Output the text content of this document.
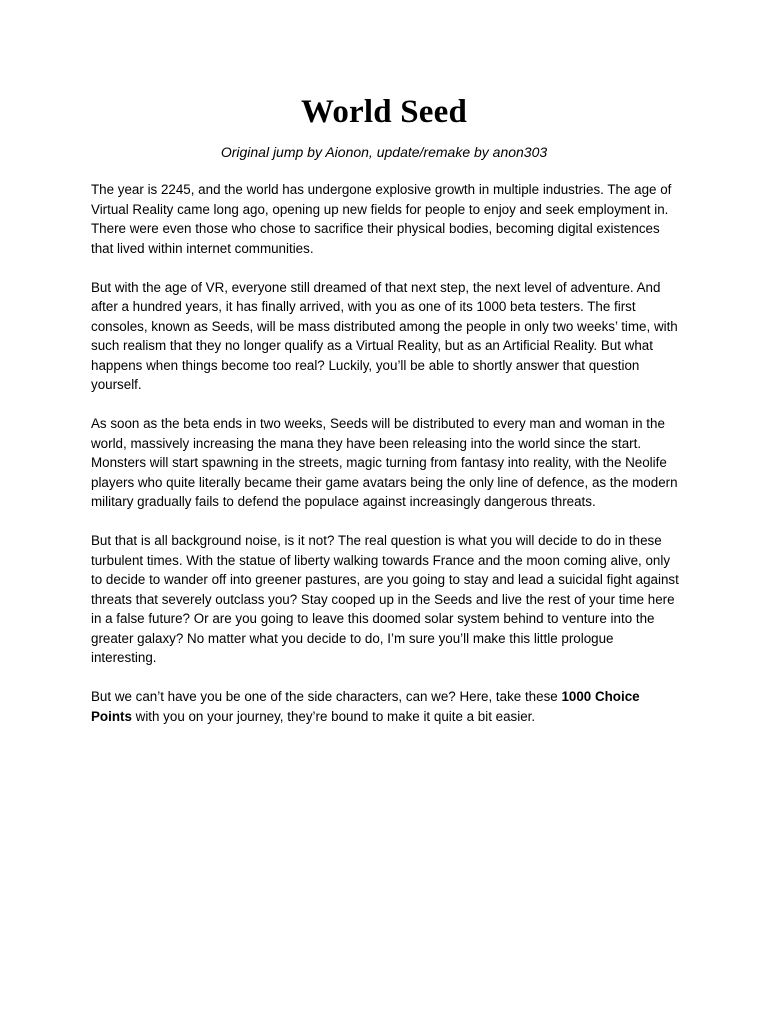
World Seed

Original jump by Aionon, update/remake by anon303

The year is 2245, and the world has undergone explosive growth in multiple industries. The age of Virtual Reality came long ago, opening up new fields for people to enjoy and seek employment in. There were even those who chose to sacrifice their physical bodies, becoming digital existences that lived within internet communities.

But with the age of VR, everyone still dreamed of that next step, the next level of adventure. And after a hundred years, it has finally arrived, with you as one of its 1000 beta testers. The first consoles, known as Seeds, will be mass distributed among the people in only two weeks’ time, with such realism that they no longer qualify as a Virtual Reality, but as an Artificial Reality. But what happens when things become too real? Luckily, you’ll be able to shortly answer that question yourself.

As soon as the beta ends in two weeks, Seeds will be distributed to every man and woman in the world, massively increasing the mana they have been releasing into the world since the start. Monsters will start spawning in the streets, magic turning from fantasy into reality, with the Neolife players who quite literally became their game avatars being the only line of defence, as the modern military gradually fails to defend the populace against increasingly dangerous threats.

But that is all background noise, is it not? The real question is what you will decide to do in these turbulent times. With the statue of liberty walking towards France and the moon coming alive, only to decide to wander off into greener pastures, are you going to stay and lead a suicidal fight against threats that severely outclass you? Stay cooped up in the Seeds and live the rest of your time here in a false future? Or are you going to leave this doomed solar system behind to venture into the greater galaxy? No matter what you decide to do, I’m sure you’ll make this little prologue interesting.

But we can’t have you be one of the side characters, can we? Here, take these 1000 Choice Points with you on your journey, they’re bound to make it quite a bit easier.
